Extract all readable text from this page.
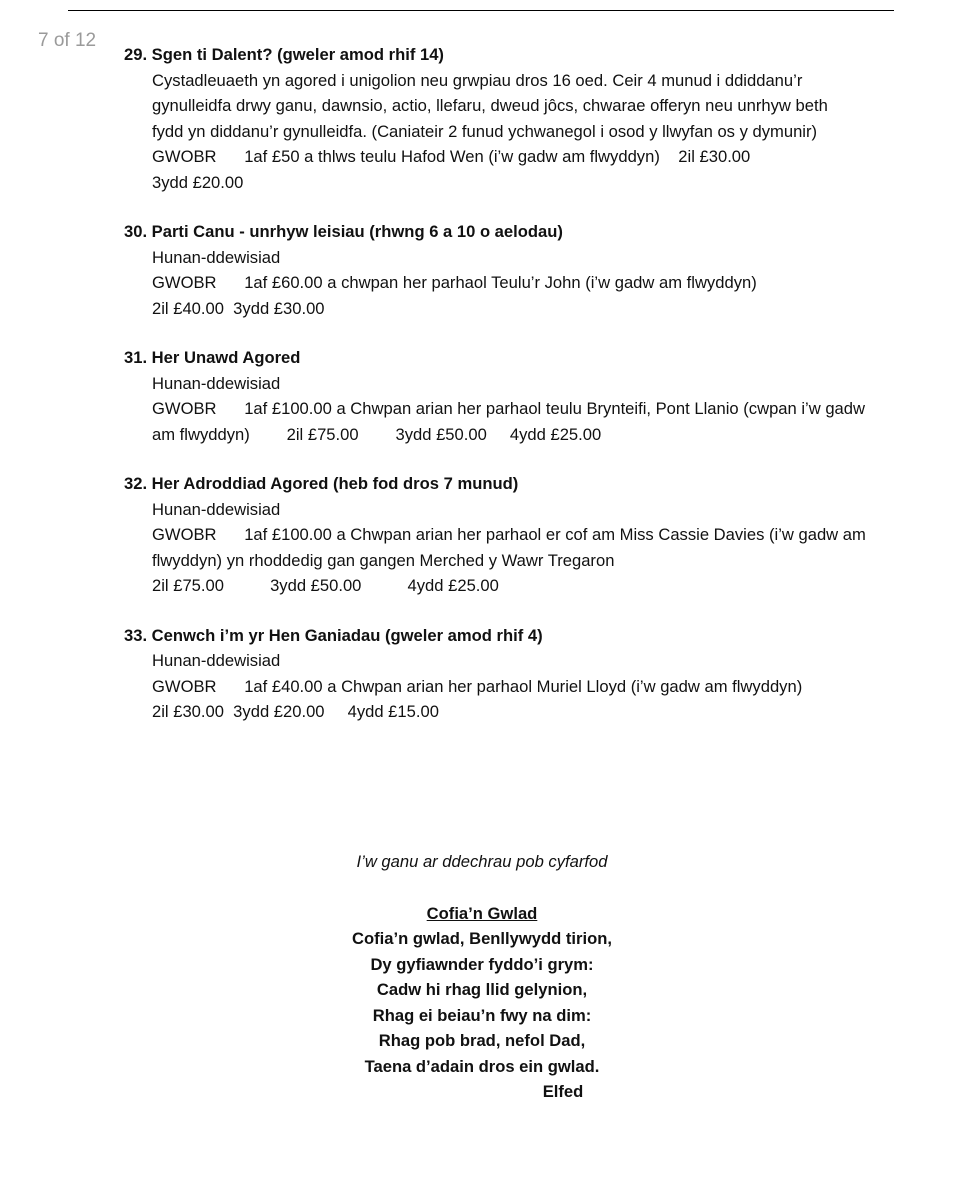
7 of 12
29. Sgen ti Dalent? (gweler amod rhif 14)
Cystadleuaeth yn agored i unigolion neu grwpiau dros 16 oed. Ceir 4 munud i ddiddanu’r
gynulleidfa drwy ganu, dawnsio, actio, llefaru, dweud jôcs, chwarae offeryn neu unrhyw beth
fydd yn diddanu’r gynulleidfa. (Caniateir 2 funud ychwanegol i osod y llwyfan os y dymunir)
GWOBR      1af £50 a thlws teulu Hafod Wen (i’w gadw am flwyddyn)    2il £30.00
3ydd £20.00
30. Parti Canu - unrhyw leisiau (rhwng 6 a 10 o aelodau)
Hunan-ddewisiad
GWOBR      1af £60.00 a chwpan her parhaol Teulu’r John (i’w gadw am flwyddyn)
2il £40.00  3ydd £30.00
31. Her Unawd Agored
Hunan-ddewisiad
GWOBR      1af £100.00 a Chwpan arian her parhaol teulu Brynteifi, Pont Llanio (cwpan i’w gadw
am flwyddyn)        2il £75.00        3ydd £50.00     4ydd £25.00
32. Her Adroddiad Agored (heb fod dros 7 munud)
Hunan-ddewisiad
GWOBR      1af £100.00 a Chwpan arian her parhaol er cof am Miss Cassie Davies (i’w gadw am
flwyddyn) yn rhoddedig gan gangen Merched y Wawr Tregaron
2il £75.00          3ydd £50.00          4ydd £25.00
33. Cenwch i’m yr Hen Ganiadau (gweler amod rhif 4)
Hunan-ddewisiad
GWOBR      1af £40.00 a Chwpan arian her parhaol Muriel Lloyd (i’w gadw am flwyddyn)
2il £30.00  3ydd £20.00     4ydd £15.00
I’w ganu ar ddechrau pob cyfarfod
Cofia’n Gwlad
Cofia’n gwlad, Benllywydd tirion,
Dy gyfiawnder fyddo’i grym:
Cadw hi rhag llid gelynion,
Rhag ei beiau’n fwy na dim:
Rhag pob brad, nefol Dad,
Taena d’adain dros ein gwlad.
Elfed
